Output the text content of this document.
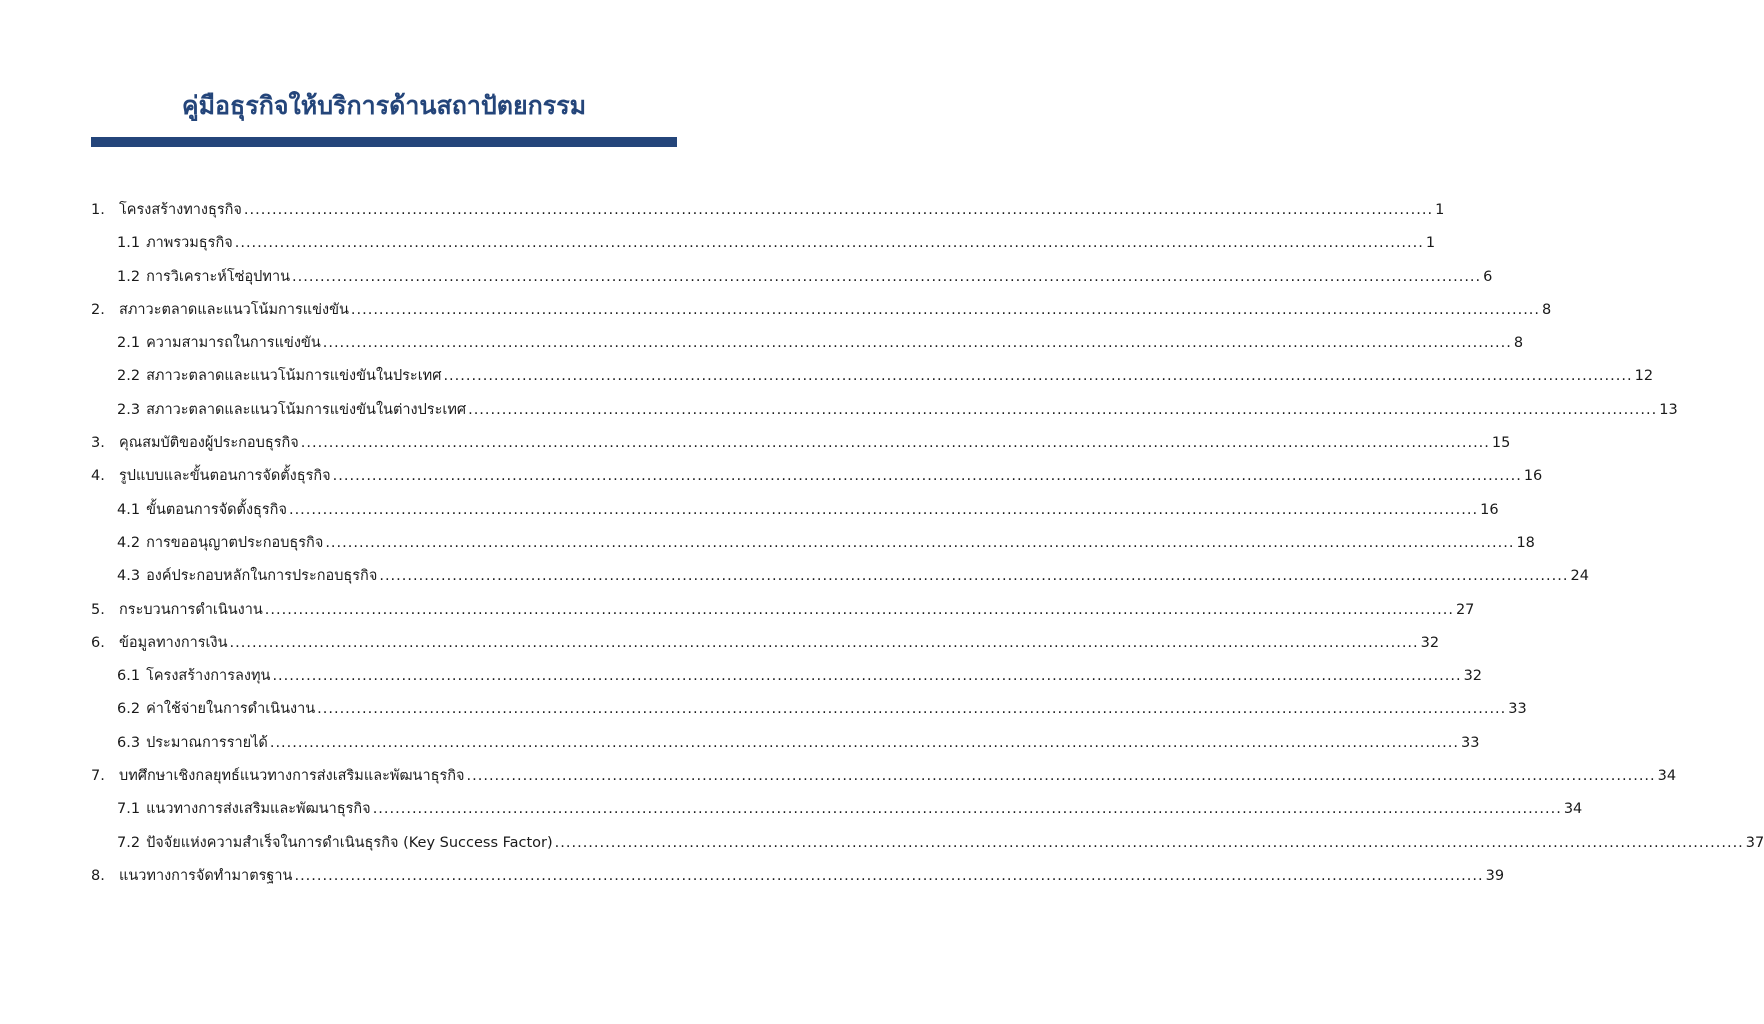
คู่มือธุรกิจให้บริการด้านสถาปัตยกรรม
1. โครงสร้างทางธุรกิจ .....	1
1.1 ภาพรวมธุรกิจ .....	1
1.2 การวิเคราะห์โซ่อุปทาน .....	6
2. สภาวะตลาดและแนวโน้มการแข่งขัน .....	8
2.1 ความสามารถในการแข่งขัน .....	8
2.2 สภาวะตลาดและแนวโน้มการแข่งขันในประเทศ .....	12
2.3 สภาวะตลาดและแนวโน้มการแข่งขันในต่างประเทศ .....	13
3. คุณสมบัติของผู้ประกอบธุรกิจ .....	15
4. รูปแบบและขั้นตอนการจัดตั้งธุรกิจ .....	16
4.1 ขั้นตอนการจัดตั้งธุรกิจ .....	16
4.2 การขออนุญาตประกอบธุรกิจ .....	18
4.3 องค์ประกอบหลักในการประกอบธุรกิจ .....	24
5. กระบวนการดำเนินงาน .....	27
6. ข้อมูลทางการเงิน .....	32
6.1 โครงสร้างการลงทุน .....	32
6.2 ค่าใช้จ่ายในการดำเนินงาน .....	33
6.3 ประมาณการรายได้ .....	33
7. บทศึกษาเชิงกลยุทธ์แนวทางการส่งเสริมและพัฒนาธุรกิจ .....	34
7.1 แนวทางการส่งเสริมและพัฒนาธุรกิจ .....	34
7.2 ปัจจัยแห่งความสำเร็จในการดำเนินธุรกิจ (Key Success Factor) .....	37
8. แนวทางการจัดทำมาตรฐาน .....	39
